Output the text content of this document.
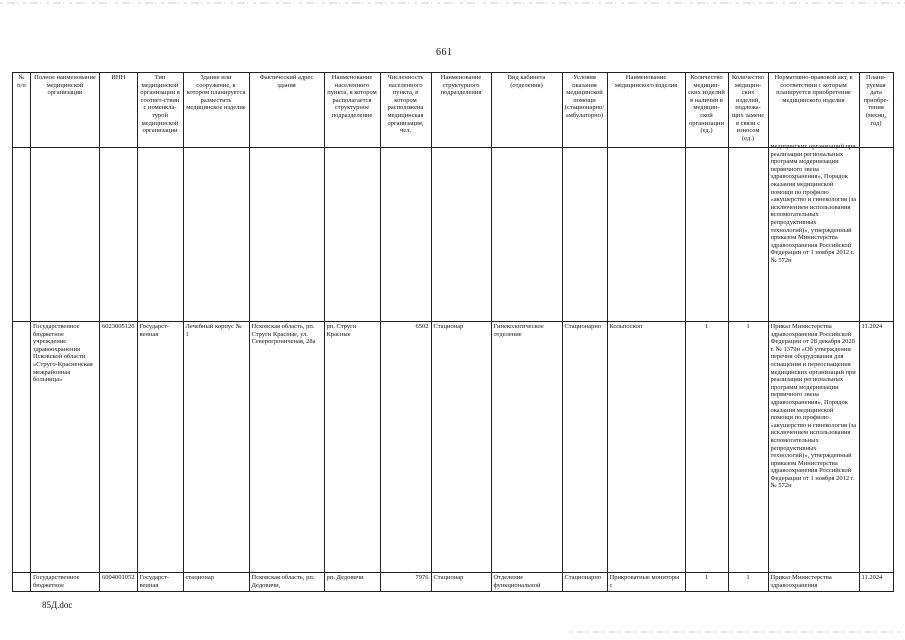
661
№ п/п	Полное наименование медицинской организации	ИНН	Тип медицинской организации в соответ-ствии с номенкла-турой медицинской организации	Здание или сооружение, в котором планируется разместить медицинское изделие	Фактический адрес здания	Наименование населенного пункта, в котором располагается структурное подразделение	Численность населенного пункта, в котором расположена медицинская организация, чел.	Наименование структурного подразделения	Вид кабинета (отделения)	Условия оказания медицинской помощи (стационарно/ амбулаторно)	Наименование медицинского изделия	Количество медицин-ских изделий в наличии в медицин-ской организации (ед.)	Количество медицин-ских изделий, подлежа-щих замене в связи с износом (ед.)	Нормативно-правовой акт, в соответствии с которым планируется приобретение медицинского изделия	Плани-руемая дата приобре-тения (месяц, год)

														медицинских организаций при реализации региональных программ модернизации первичного звена здравоохранения», Порядок оказания медицинской помощи по профилю «акушерство и гинекология (за исключением использования вспомогательных репродуктивных технологий)», утвержденный приказом Министерства здравоохранения Российской Федерации от 1 ноября 2012 г. № 572н	

	Государственное бюджетное учреждение здравоохранения Псковской области «Струго-Красненская межрайонная больница»	6023005126	Государст-венная	Лечебный корпус № 1	Псковская область, рп. Струги Красные, ул. Северогрониченая, 28а	рп. Струги Красные	6502	Стационар	Гинекологическое отделение	Стационарно	Кольпоскоп	1	1	Приказ Министерства здравоохранения Российской Федерации от 28 декабря 2020 г. № 1379н «Об утверждении перечня оборудования для оснащения и переоснащения медицинских организаций при реализации региональных программ модернизации первичного звена здравоохранения», Порядок оказания медицинской помощи по профилю «акушерство и гинекология (за исключением использования вспомогательных репродуктивных технологий)», утвержденный приказом Министерства здравоохранения Российской Федерации от 1 ноября 2012 г. № 572н	11.2024
	Государственное бюджетное	6004001052	Государст-венная	стационар	Псковская область, рп. Дедовичи,	рп. Дедовичи	7976	Стационар	Отделение функциональной	Стационарно	Прикроватные мониторы с	1	1	Приказ Министерства здравоохранения	11.2024
85Д.doc
